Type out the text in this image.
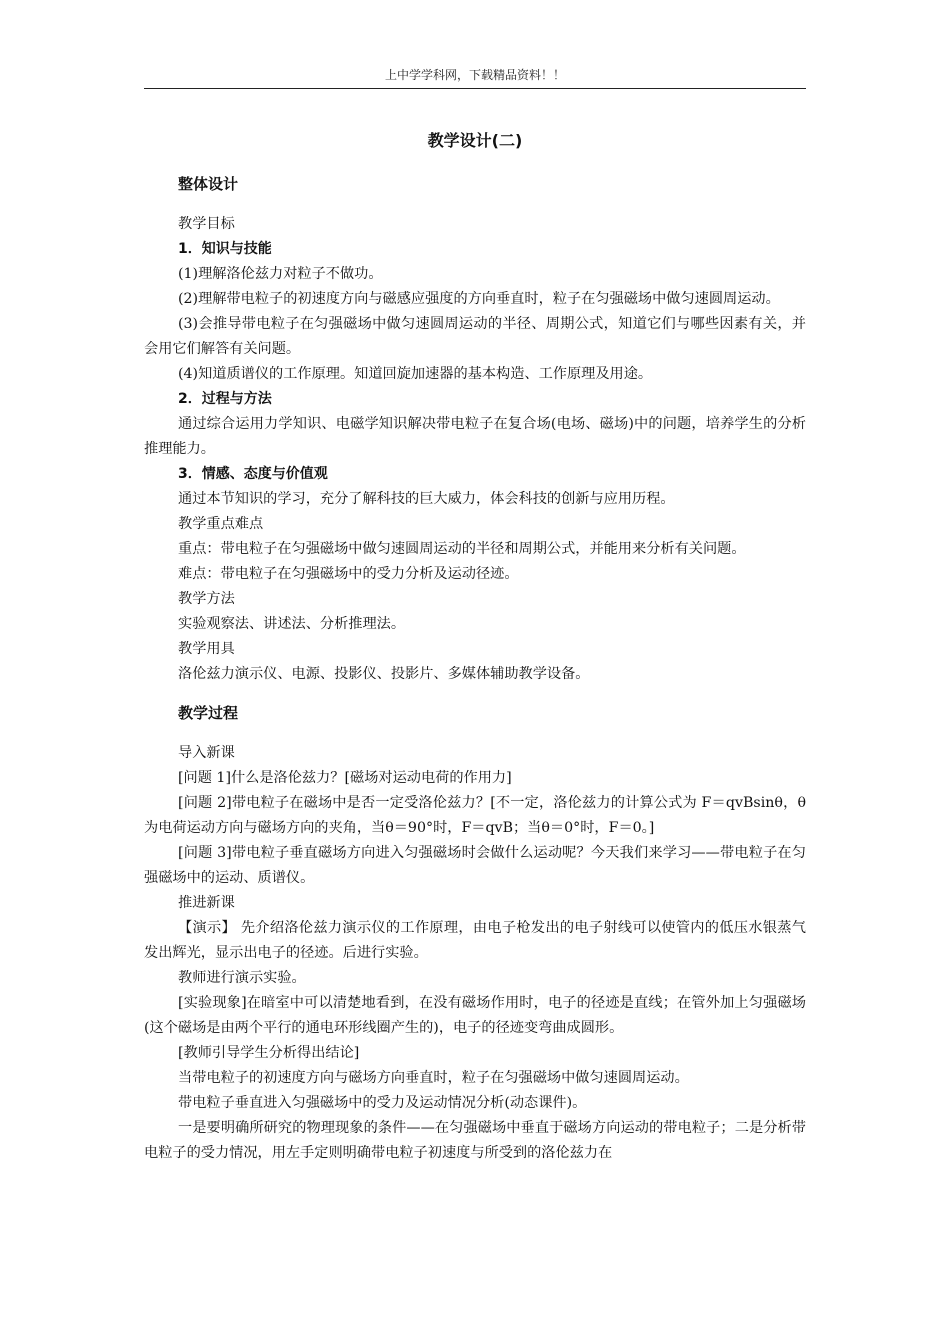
上中学学科网，下载精品资料！！
教学设计(二)
整体设计

教学目标

1．知识与技能

(1)理解洛伦兹力对粒子不做功。

(2)理解带电粒子的初速度方向与磁感应强度的方向垂直时，粒子在匀强磁场中做匀速圆周运动。

(3)会推导带电粒子在匀强磁场中做匀速圆周运动的半径、周期公式，知道它们与哪些因素有关，并会用它们解答有关问题。

(4)知道质谱仪的工作原理。知道回旋加速器的基本构造、工作原理及用途。

2．过程与方法

通过综合运用力学知识、电磁学知识解决带电粒子在复合场(电场、磁场)中的问题，培养学生的分析推理能力。

3．情感、态度与价值观

通过本节知识的学习，充分了解科技的巨大威力，体会科技的创新与应用历程。

教学重点难点

重点：带电粒子在匀强磁场中做匀速圆周运动的半径和周期公式，并能用来分析有关问题。

难点：带电粒子在匀强磁场中的受力分析及运动径迹。

教学方法

实验观察法、讲述法、分析推理法。

教学用具

洛伦兹力演示仪、电源、投影仪、投影片、多媒体辅助教学设备。

教学过程

导入新课

[问题 1]什么是洛伦兹力？[磁场对运动电荷的作用力]

[问题 2]带电粒子在磁场中是否一定受洛伦兹力？[不一定，洛伦兹力的计算公式为 F＝qvBsinθ，θ为电荷运动方向与磁场方向的夹角，当θ＝90°时，F＝qvB；当θ＝0°时，F＝0。]

[问题 3]带电粒子垂直磁场方向进入匀强磁场时会做什么运动呢？今天我们来学习——带电粒子在匀强磁场中的运动、质谱仪。

推进新课

【演示】 先介绍洛伦兹力演示仪的工作原理，由电子枪发出的电子射线可以使管内的低压水银蒸气发出辉光，显示出电子的径迹。后进行实验。

教师进行演示实验。

[实验现象]在暗室中可以清楚地看到，在没有磁场作用时，电子的径迹是直线；在管外加上匀强磁场(这个磁场是由两个平行的通电环形线圈产生的)，电子的径迹变弯曲成圆形。

[教师引导学生分析得出结论]

当带电粒子的初速度方向与磁场方向垂直时，粒子在匀强磁场中做匀速圆周运动。

带电粒子垂直进入匀强磁场中的受力及运动情况分析(动态课件)。

一是要明确所研究的物理现象的条件——在匀强磁场中垂直于磁场方向运动的带电粒子；二是分析带电粒子的受力情况，用左手定则明确带电粒子初速度与所受到的洛伦兹力在
